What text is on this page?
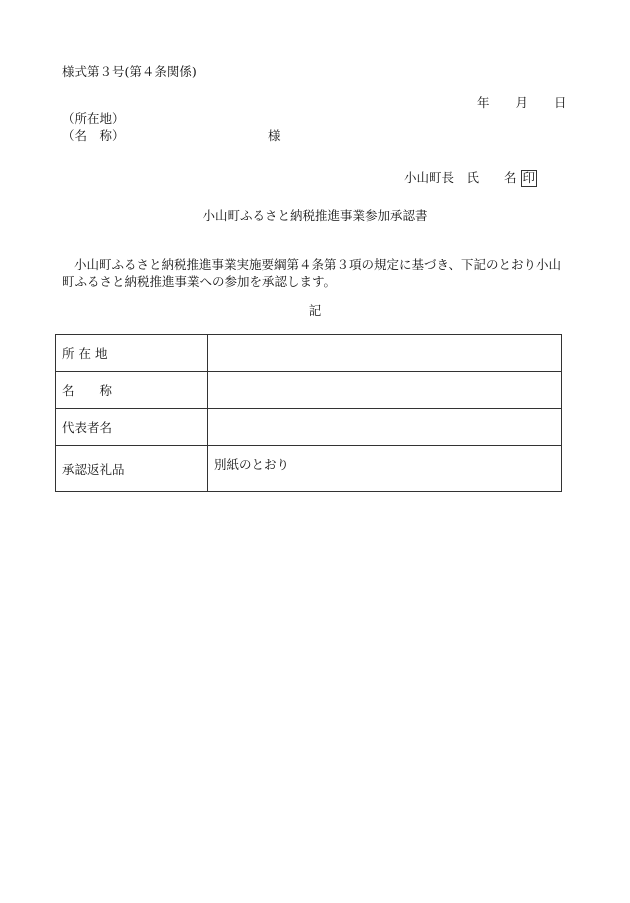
様式第３号(第４条関係)
年 月 日
（所在地）
（名　称）	様
小山町長　氏　　名 印
小山町ふるさと納税推進事業参加承認書
小山町ふるさと納税推進事業実施要綱第４条第３項の規定に基づき、下記のとおり小山町ふるさと納税推進事業への参加を承認します。
記
所 在 地	
名　　称	
代表者名	
承認返礼品	別紙のとおり
